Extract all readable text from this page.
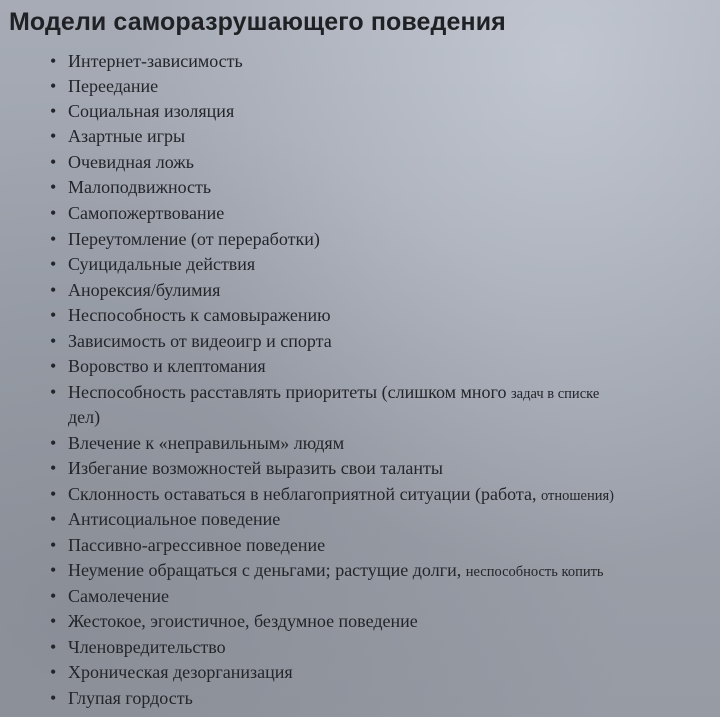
Модели саморазрушающего поведения
• Интернет-зависимость
• Переедание
• Социальная изоляция
• Азартные игры
• Очевидная ложь
• Малоподвижность
• Самопожертвование
• Переутомление (от переработки)
• Суицидальные действия
• Анорексия/булимия
• Неспособность к самовыражению
• Зависимость от видеоигр и спорта
• Воровство и клептомания
• Неспособность расставлять приоритеты (слишком много задач в списке
дел)
• Влечение к «неправильным» людям
• Избегание возможностей выразить свои таланты
• Склонность оставаться в неблагоприятной ситуации (работа, отношения)
• Антисоциальное поведение
• Пассивно-агрессивное поведение
• Неумение обращаться с деньгами; растущие долги, неспособность копить
• Самолечение
• Жестокое, эгоистичное, бездумное поведение
• Членовредительство
• Хроническая дезорганизация
• Глупая гордость
